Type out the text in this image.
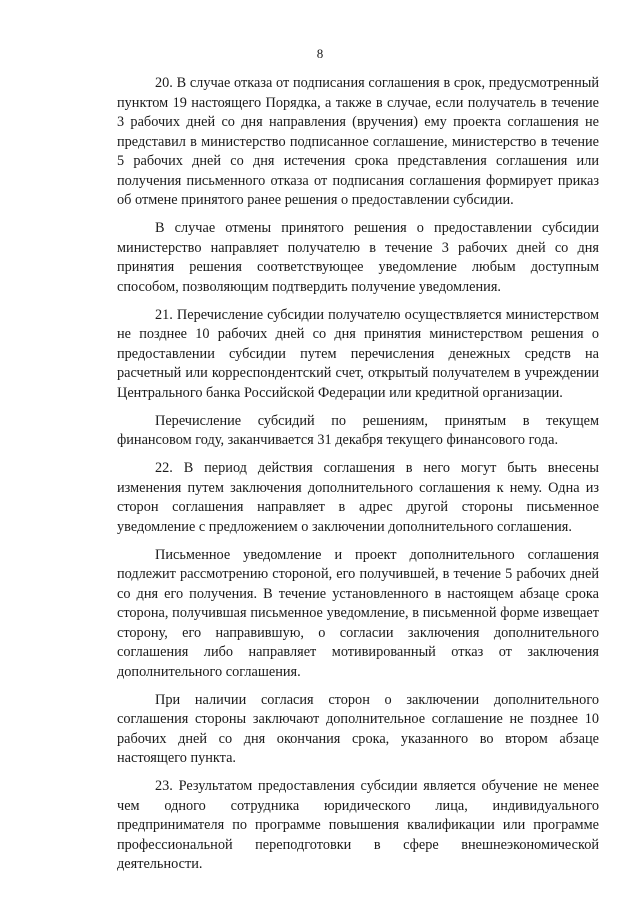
8

20. В случае отказа от подписания соглашения в срок, предусмотренный пунктом 19 настоящего Порядка, а также в случае, если получатель в течение 3 рабочих дней со дня направления (вручения) ему проекта соглашения не представил в министерство подписанное соглашение, министерство в течение 5 рабочих дней со дня истечения срока представления соглашения или получения письменного отказа от подписания соглашения формирует приказ об отмене принятого ранее решения о предоставлении субсидии.

В случае отмены принятого решения о предоставлении субсидии министерство направляет получателю в течение 3 рабочих дней со дня принятия решения соответствующее уведомление любым доступным способом, позволяющим подтвердить получение уведомления.

21. Перечисление субсидии получателю осуществляется министерством не позднее 10 рабочих дней со дня принятия министерством решения о предоставлении субсидии путем перечисления денежных средств на расчетный или корреспондентский счет, открытый получателем в учреждении Центрального банка Российской Федерации или кредитной организации.

Перечисление субсидий по решениям, принятым в текущем финансовом году, заканчивается 31 декабря текущего финансового года.

22. В период действия соглашения в него могут быть внесены изменения путем заключения дополнительного соглашения к нему. Одна из сторон соглашения направляет в адрес другой стороны письменное уведомление с предложением о заключении дополнительного соглашения.

Письменное уведомление и проект дополнительного соглашения подлежит рассмотрению стороной, его получившей, в течение 5 рабочих дней со дня его получения. В течение установленного в настоящем абзаце срока сторона, получившая письменное уведомление, в письменной форме извещает сторону, его направившую, о согласии заключения дополнительного соглашения либо направляет мотивированный отказ от заключения дополнительного соглашения.

При наличии согласия сторон о заключении дополнительного соглашения стороны заключают дополнительное соглашение не позднее 10 рабочих дней со дня окончания срока, указанного во втором абзаце настоящего пункта.

23. Результатом предоставления субсидии является обучение не менее чем одного сотрудника юридического лица, индивидуального предпринимателя по программе повышения квалификации или программе профессиональной переподготовки в сфере внешнеэкономической деятельности.
